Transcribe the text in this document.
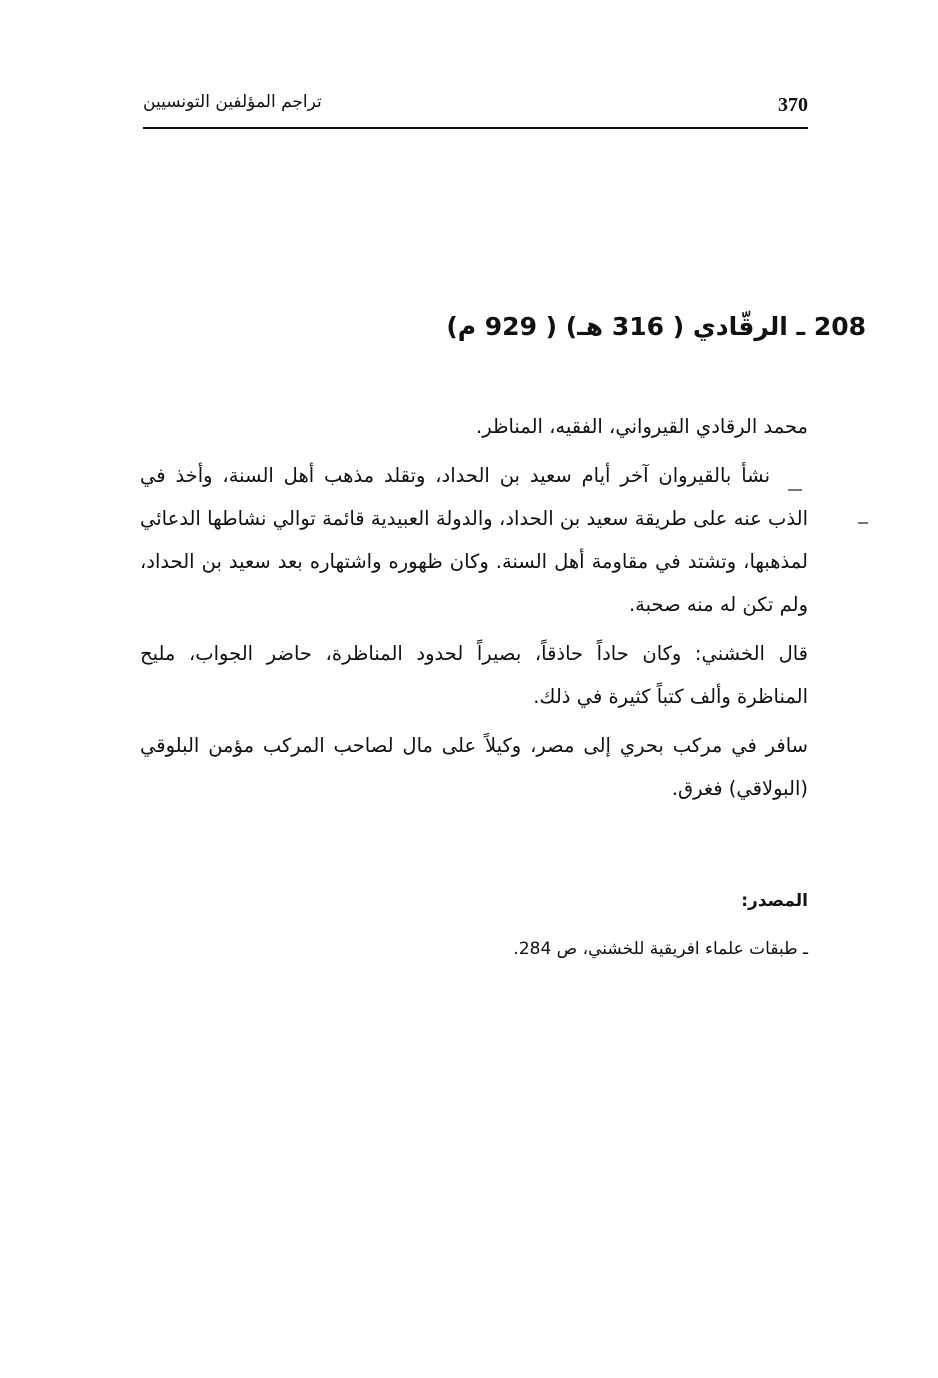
370
تراجم المؤلفين التونسيين
208 ـ الرقّادي ( 316 هـ) ( 929 م)

محمد الرقادي القيرواني، الفقيه، المناظر.

نشأ بالقيروان آخر أيام سعيد بن الحداد، وتقلد مذهب أهل السنة، وأخذ في الذب عنه على طريقة سعيد بن الحداد، والدولة العبيدية قائمة توالي نشاطها الدعائي لمذهبها، وتشتد في مقاومة أهل السنة. وكان ظهوره واشتهاره بعد سعيد بن الحداد، ولم تكن له منه صحبة.

قال الخشني: وكان حاداً حاذقاً، بصيراً لحدود المناظرة، حاضر الجواب، مليح المناظرة وألف كتباً كثيرة في ذلك.

سافر في مركب بحري إلى مصر، وكيلاً على مال لصاحب المركب مؤمن البلوقي (البولاقي) فغرق.

المصدر:
ـ طبقات علماء افريقية للخشني، ص 284.
